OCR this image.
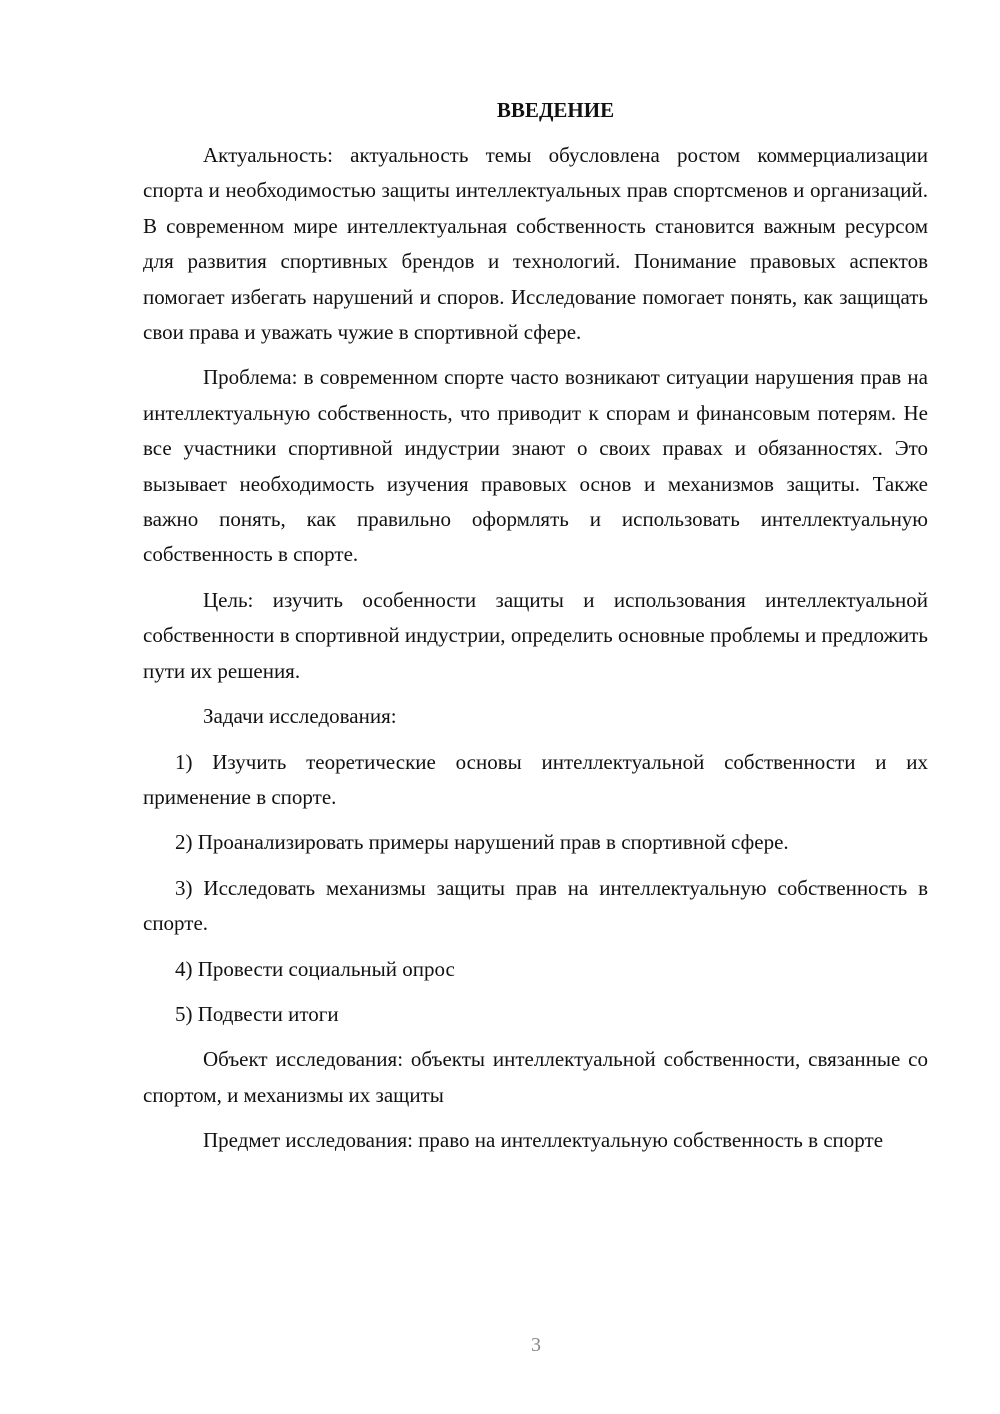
ВВЕДЕНИЕ

Актуальность: актуальность темы обусловлена ростом коммерциализации спорта и необходимостью защиты интеллектуальных прав спортсменов и организаций. В современном мире интеллектуальная собственность становится важным ресурсом для развития спортивных брендов и технологий. Понимание правовых аспектов помогает избегать нарушений и споров. Исследование помогает понять, как защищать свои права и уважать чужие в спортивной сфере.

Проблема: в современном спорте часто возникают ситуации нарушения прав на интеллектуальную собственность, что приводит к спорам и финансовым потерям. Не все участники спортивной индустрии знают о своих правах и обязанностях. Это вызывает необходимость изучения правовых основ и механизмов защиты. Также важно понять, как правильно оформлять и использовать интеллектуальную собственность в спорте.

Цель: изучить особенности защиты и использования интеллектуальной собственности в спортивной индустрии, определить основные проблемы и предложить пути их решения.

Задачи исследования:

1) Изучить теоретические основы интеллектуальной собственности и их применение в спорте.

2) Проанализировать примеры нарушений прав в спортивной сфере.

3) Исследовать механизмы защиты прав на интеллектуальную собственность в спорте.

4) Провести социальный опрос

5) Подвести итоги

Объект исследования: объекты интеллектуальной собственности, связанные со спортом, и механизмы их защиты

Предмет исследования: право на интеллектуальную собственность в спорте

3
